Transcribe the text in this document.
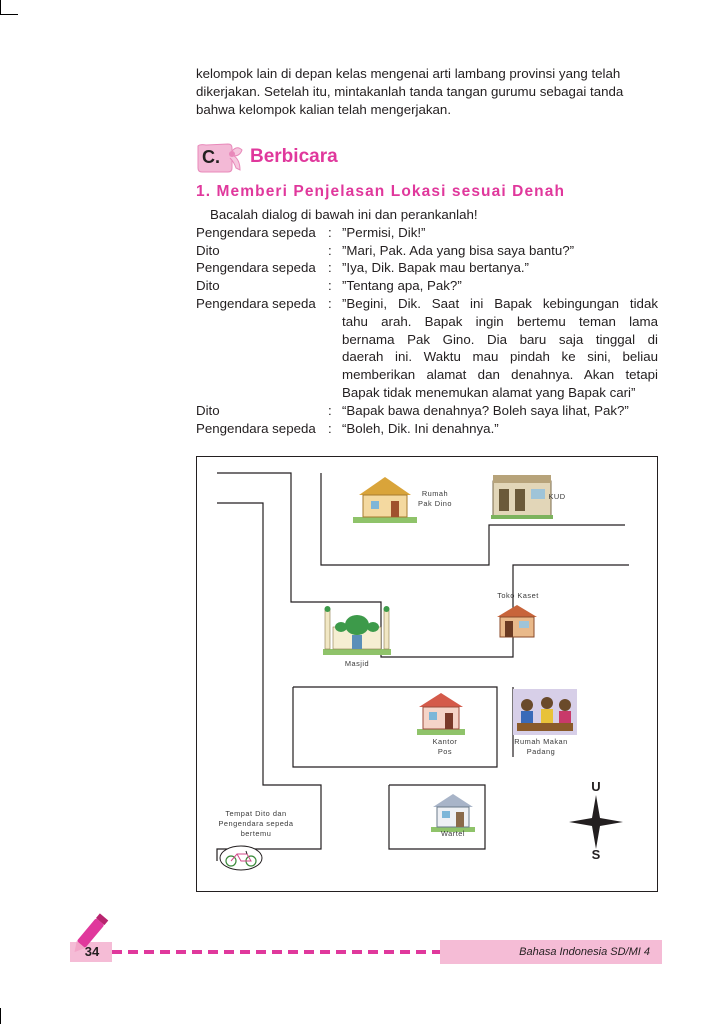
kelompok lain di depan kelas mengenai arti lambang provinsi yang telah
dikerjakan. Setelah itu, mintakanlah tanda tangan gurumu sebagai tanda
bahwa kelompok kalian telah mengerjakan.
C. Berbicara
1. Memberi Penjelasan Lokasi sesuai Denah
Bacalah dialog di bawah ini dan perankanlah!
Pengendara sepeda : ”Permisi, Dik!”
Dito	: ”Mari, Pak. Ada yang bisa saya bantu?”
Pengendara sepeda : ”Iya, Dik. Bapak mau bertanya.”
Dito	: ”Tentang apa, Pak?”
Pengendara sepeda : ”Begini, Dik. Saat ini Bapak kebingungan tidak
tahu arah. Bapak ingin bertemu teman lama
bernama Pak Gino. Dia baru saja tinggal di
daerah ini. Waktu mau pindah ke sini, beliau
memberikan alamat dan denahnya. Akan tetapi
Bapak tidak menemukan alamat yang Bapak cari”
Dito	: “Bapak bawa denahnya? Boleh saya lihat, Pak?”
Pengendara sepeda : “Boleh, Dik. Ini denahnya.”
Rumah
Pak Dino
KUD
Toko Kaset
Masjid
Kantor
Pos
Rumah Makan
Padang
Wartel
Tempat Dito dan
Pengendara sepeda
bertemu
U
S
34	Bahasa Indonesia SD/MI 4
